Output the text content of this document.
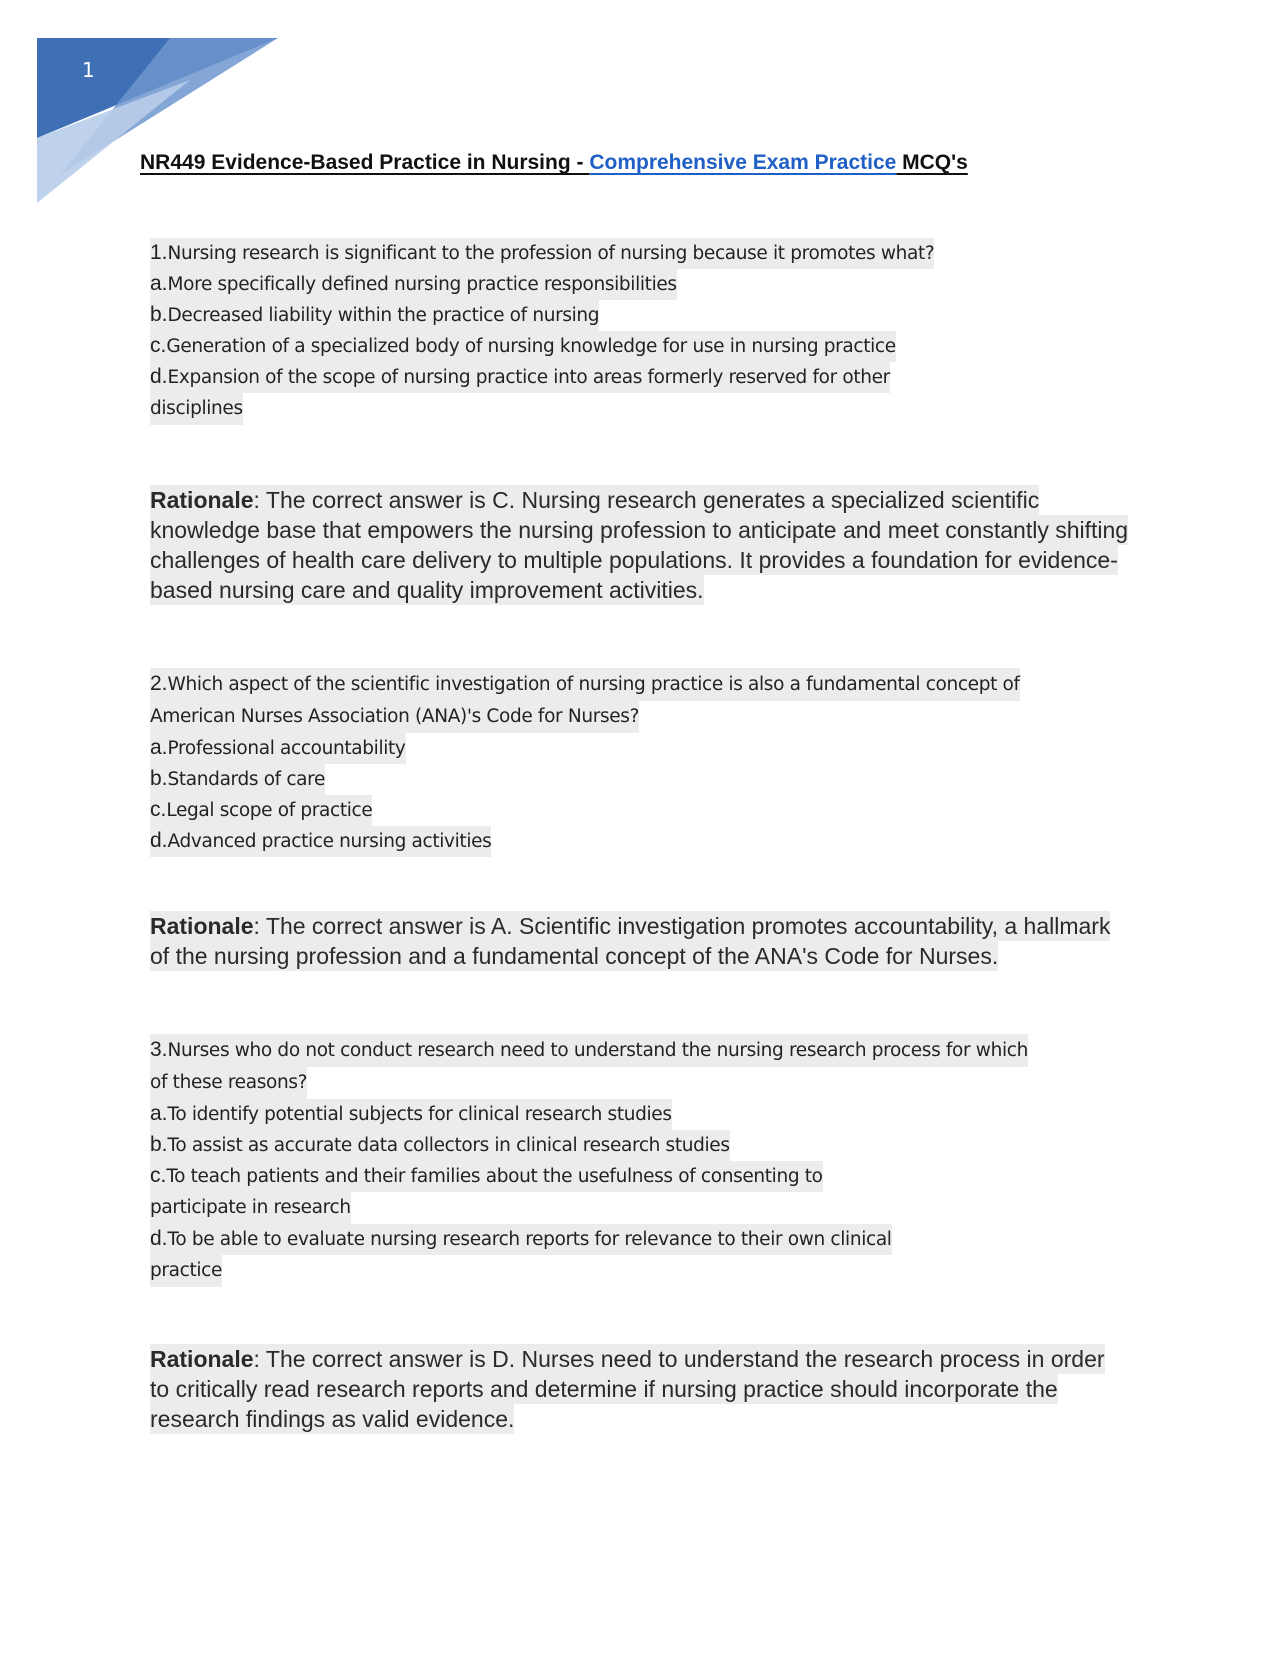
1
NR449 Evidence-Based Practice in Nursing - Comprehensive Exam Practice MCQ's
1.Nursing research is significant to the profession of nursing because it promotes what?
a.More specifically defined nursing practice responsibilities
b.Decreased liability within the practice of nursing
c.Generation of a specialized body of nursing knowledge for use in nursing practice
d.Expansion of the scope of nursing practice into areas formerly reserved for other
disciplines
Rationale: The correct answer is C. Nursing research generates a specialized scientific
knowledge base that empowers the nursing profession to anticipate and meet constantly shifting
challenges of health care delivery to multiple populations. It provides a foundation for evidence-
based nursing care and quality improvement activities.
2.Which aspect of the scientific investigation of nursing practice is also a fundamental concept of
American Nurses Association (ANA)'s Code for Nurses?
a.Professional accountability
b.Standards of care
c.Legal scope of practice
d.Advanced practice nursing activities
Rationale: The correct answer is A. Scientific investigation promotes accountability, a hallmark
of the nursing profession and a fundamental concept of the ANA's Code for Nurses.
3.Nurses who do not conduct research need to understand the nursing research process for which
of these reasons?
a.To identify potential subjects for clinical research studies
b.To assist as accurate data collectors in clinical research studies
c.To teach patients and their families about the usefulness of consenting to
participate in research
d.To be able to evaluate nursing research reports for relevance to their own clinical
practice
Rationale: The correct answer is D. Nurses need to understand the research process in order
to critically read research reports and determine if nursing practice should incorporate the
research findings as valid evidence.
